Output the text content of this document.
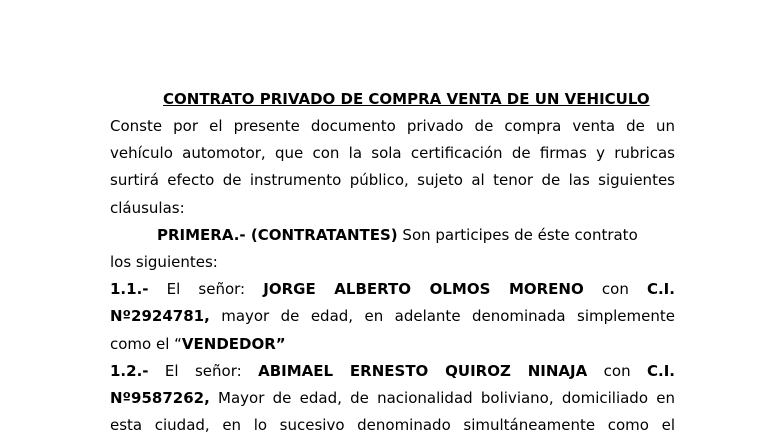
CONTRATO PRIVADO DE COMPRA VENTA DE UN VEHICULO
Conste por el presente documento privado de compra venta de un
vehículo automotor, que con la sola certificación de firmas y rubricas
surtirá efecto de instrumento público, sujeto al tenor de las siguientes
cláusulas:
PRIMERA.- (CONTRATANTES) Son participes de éste contrato
los siguientes:
1.1.- El señor: JORGE ALBERTO OLMOS MORENO con C.I.
Nº2924781, mayor de edad, en adelante denominada simplemente
como el “VENDEDOR”
1.2.- El señor: ABIMAEL ERNESTO QUIROZ NINAJA con C.I.
Nº9587262, Mayor de edad, de nacionalidad boliviano, domiciliado en
esta ciudad, en lo sucesivo denominado simultáneamente como el
